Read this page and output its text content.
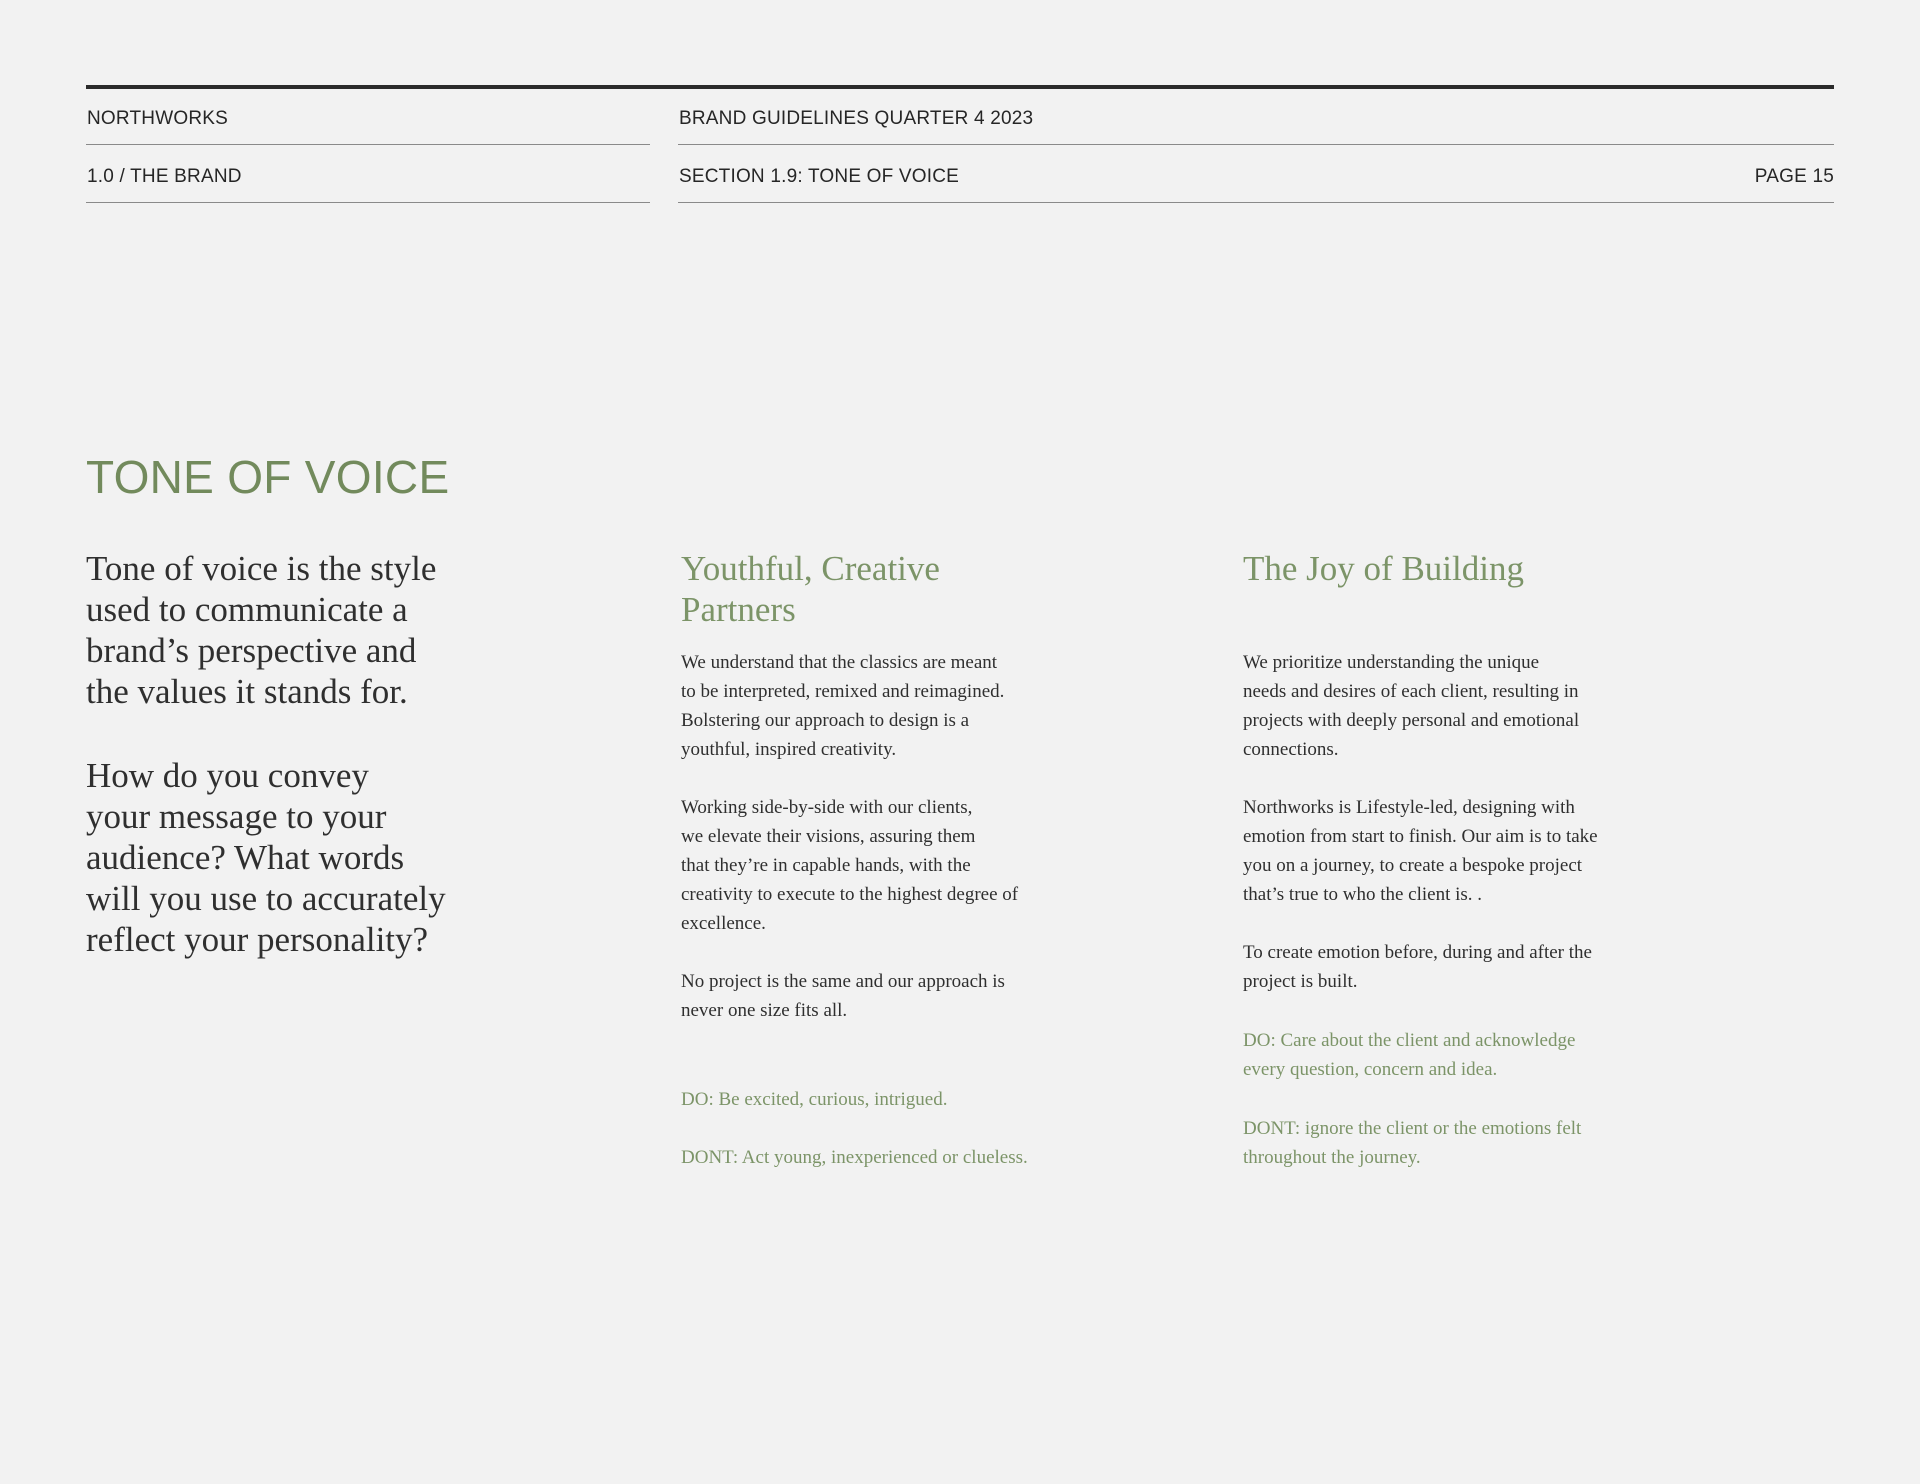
NORTHWORKS	BRAND GUIDELINES QUARTER 4 2023
1.0 / THE BRAND	SECTION 1.9: TONE OF VOICE	PAGE 15
TONE OF VOICE
Tone of voice is the style
used to communicate a
brand’s perspective and
the values it stands for.
How do you convey
your message to your
audience? What words
will you use to accurately
reflect your personality?
Youthful, Creative
Partners
We understand that the classics are meant
to be interpreted, remixed and reimagined.
Bolstering our approach to design is a
youthful, inspired creativity.
Working side-by-side with our clients,
we elevate their visions, assuring them
that they’re in capable hands, with the
creativity to execute to the highest degree of
excellence.
No project is the same and our approach is
never one size fits all.
DO: Be excited, curious, intrigued.
DONT: Act young, inexperienced or clueless.
The Joy of Building
We prioritize understanding the unique
needs and desires of each client, resulting in
projects with deeply personal and emotional
connections.
Northworks is Lifestyle-led, designing with
emotion from start to finish. Our aim is to take
you on a journey, to create a bespoke project
that’s true to who the client is. .
To create emotion before, during and after the
project is built.
DO: Care about the client and acknowledge
every question, concern and idea.
DONT: ignore the client or the emotions felt
throughout the journey.
